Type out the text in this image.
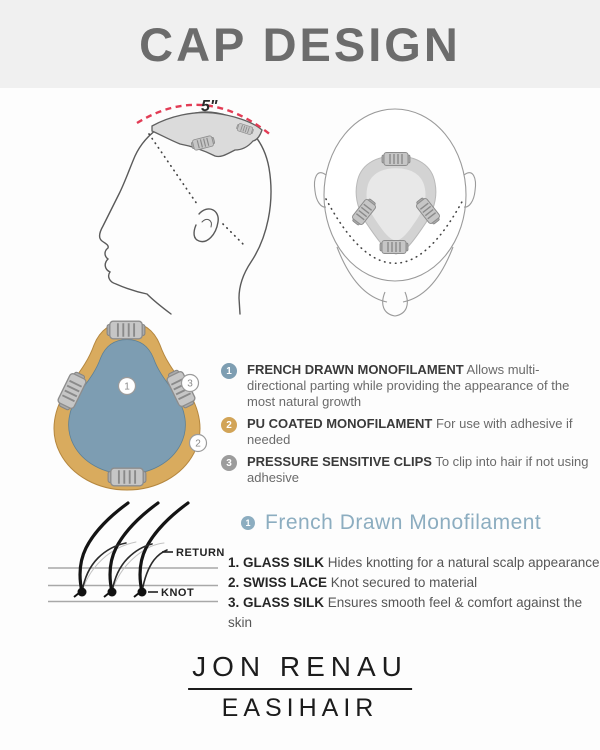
CAP DESIGN
5"
1	3
2
1	FRENCH DRAWN MONOFILAMENT Allows multi-directional parting while providing the appearance of the most natural growth
2	PU COATED MONOFILAMENT For use with adhesive if needed
3	PRESSURE SENSITIVE CLIPS To clip into hair if not using adhesive
RETURN
KNOT
1 French Drawn Monofilament
1. GLASS SILK Hides knotting for a natural scalp appearance
2. SWISS LACE Knot secured to material
3. GLASS SILK Ensures smooth feel & comfort against the skin
JON RENAU
EASIHAIR
